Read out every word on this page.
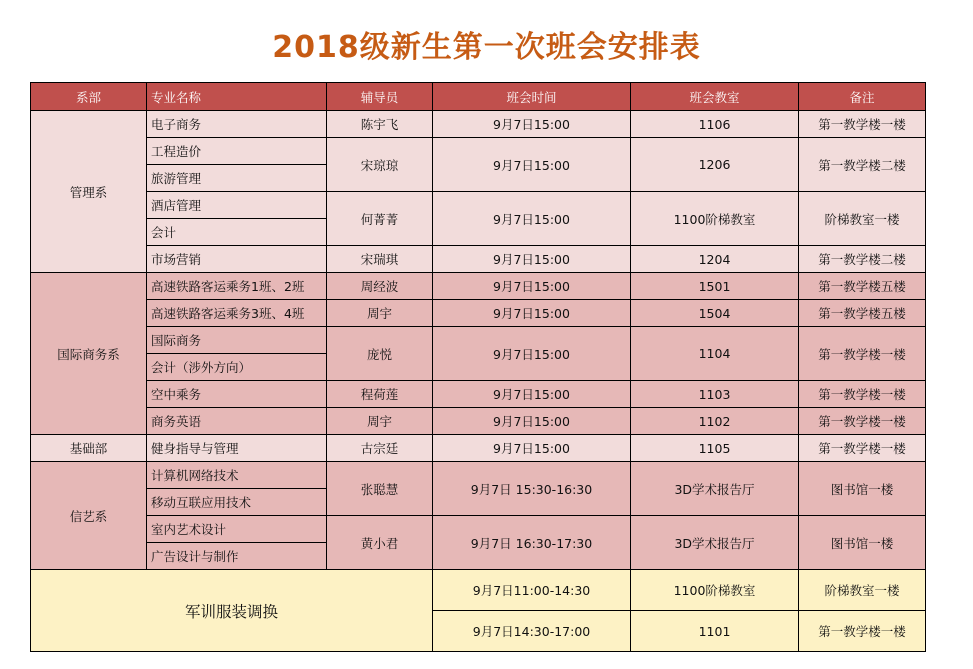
2018级新生第一次班会安排表
系部	专业名称	辅导员	班会时间	班会教室	备注
管理系	电子商务	陈宇飞	9月7日15:00	1106	第一教学楼一楼
	工程造价	宋琼琼	9月7日15:00	1206	第一教学楼二楼
	旅游管理				
	酒店管理	何菁菁	9月7日15:00	1100阶梯教室	阶梯教室一楼
	会计				
	市场营销	宋瑞琪	9月7日15:00	1204	第一教学楼二楼
国际商务系	高速铁路客运乘务1班、2班	周经波	9月7日15:00	1501	第一教学楼五楼
	高速铁路客运乘务3班、4班	周宇	9月7日15:00	1504	第一教学楼五楼
	国际商务	庞悦	9月7日15:00	1104	第一教学楼一楼
	会计（涉外方向）				
	空中乘务	程荷莲	9月7日15:00	1103	第一教学楼一楼
	商务英语	周宇	9月7日15:00	1102	第一教学楼一楼
基础部	健身指导与管理	古宗廷	9月7日15:00	1105	第一教学楼一楼
信艺系	计算机网络技术	张聪慧	9月7日 15:30-16:30	3D学术报告厅	图书馆一楼
	移动互联应用技术				
	室内艺术设计	黄小君	9月7日 16:30-17:30	3D学术报告厅	图书馆一楼
	广告设计与制作				
军训服装调换			9月7日11:00-14:30	1100阶梯教室	阶梯教室一楼
			9月7日14:30-17:00	1101	第一教学楼一楼
